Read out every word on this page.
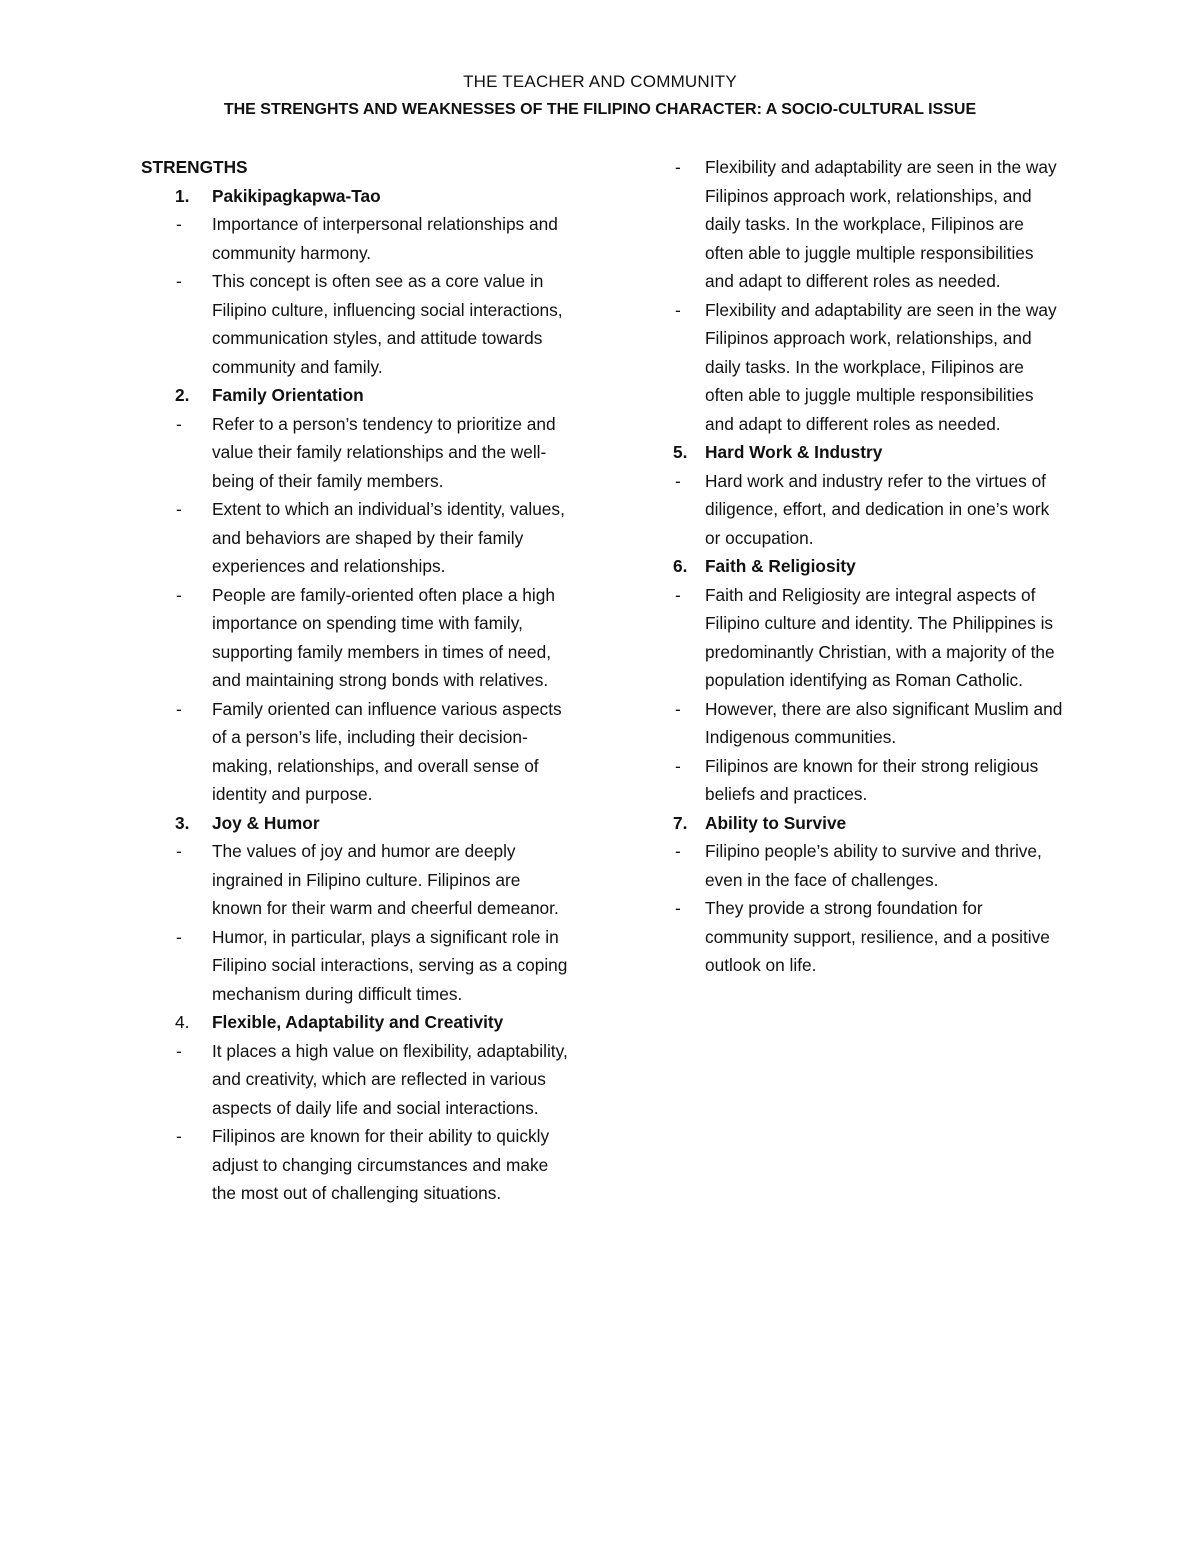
THE TEACHER AND COMMUNITY
THE STRENGHTS AND WEAKNESSES OF THE FILIPINO CHARACTER: A SOCIO-CULTURAL ISSUE

STRENGTHS

1.	Pakikipagkapwa-Tao

-	Importance of interpersonal relationships and community harmony.

-	This concept is often see as a core value in Filipino culture, influencing social interactions, communication styles, and attitude towards community and family.

2.	Family Orientation

-	Refer to a person’s tendency to prioritize and value their family relationships and the well-being of their family members.

-	Extent to which an individual’s identity, values, and behaviors are shaped by their family experiences and relationships.

-	People are family-oriented often place a high importance on spending time with family, supporting family members in times of need, and maintaining strong bonds with relatives.

-	Family oriented can influence various aspects of a person’s life, including their decision-making, relationships, and overall sense of identity and purpose.

3.	Joy & Humor

-	The values of joy and humor are deeply ingrained in Filipino culture. Filipinos are known for their warm and cheerful demeanor.

-	Humor, in particular, plays a significant role in Filipino social interactions, serving as a coping mechanism during difficult times.

4.	Flexible, Adaptability and Creativity

-	It places a high value on flexibility, adaptability, and creativity, which are reflected in various aspects of daily life and social interactions.

-	Filipinos are known for their ability to quickly adjust to changing circumstances and make the most out of challenging situations.

-	Flexibility and adaptability are seen in the way Filipinos approach work, relationships, and daily tasks. In the workplace, Filipinos are often able to juggle multiple responsibilities and adapt to different roles as needed.

-	Flexibility and adaptability are seen in the way Filipinos approach work, relationships, and daily tasks. In the workplace, Filipinos are often able to juggle multiple responsibilities and adapt to different roles as needed.

5.	Hard Work & Industry

-	Hard work and industry refer to the virtues of diligence, effort, and dedication in one’s work or occupation.

6.	Faith & Religiosity

-	Faith and Religiosity are integral aspects of Filipino culture and identity. The Philippines is predominantly Christian, with a majority of the population identifying as Roman Catholic.

-	However, there are also significant Muslim and Indigenous communities.

-	Filipinos are known for their strong religious beliefs and practices.

7.	Ability to Survive

-	Filipino people’s ability to survive and thrive, even in the face of challenges.

-	They provide a strong foundation for community support, resilience, and a positive outlook on life.
